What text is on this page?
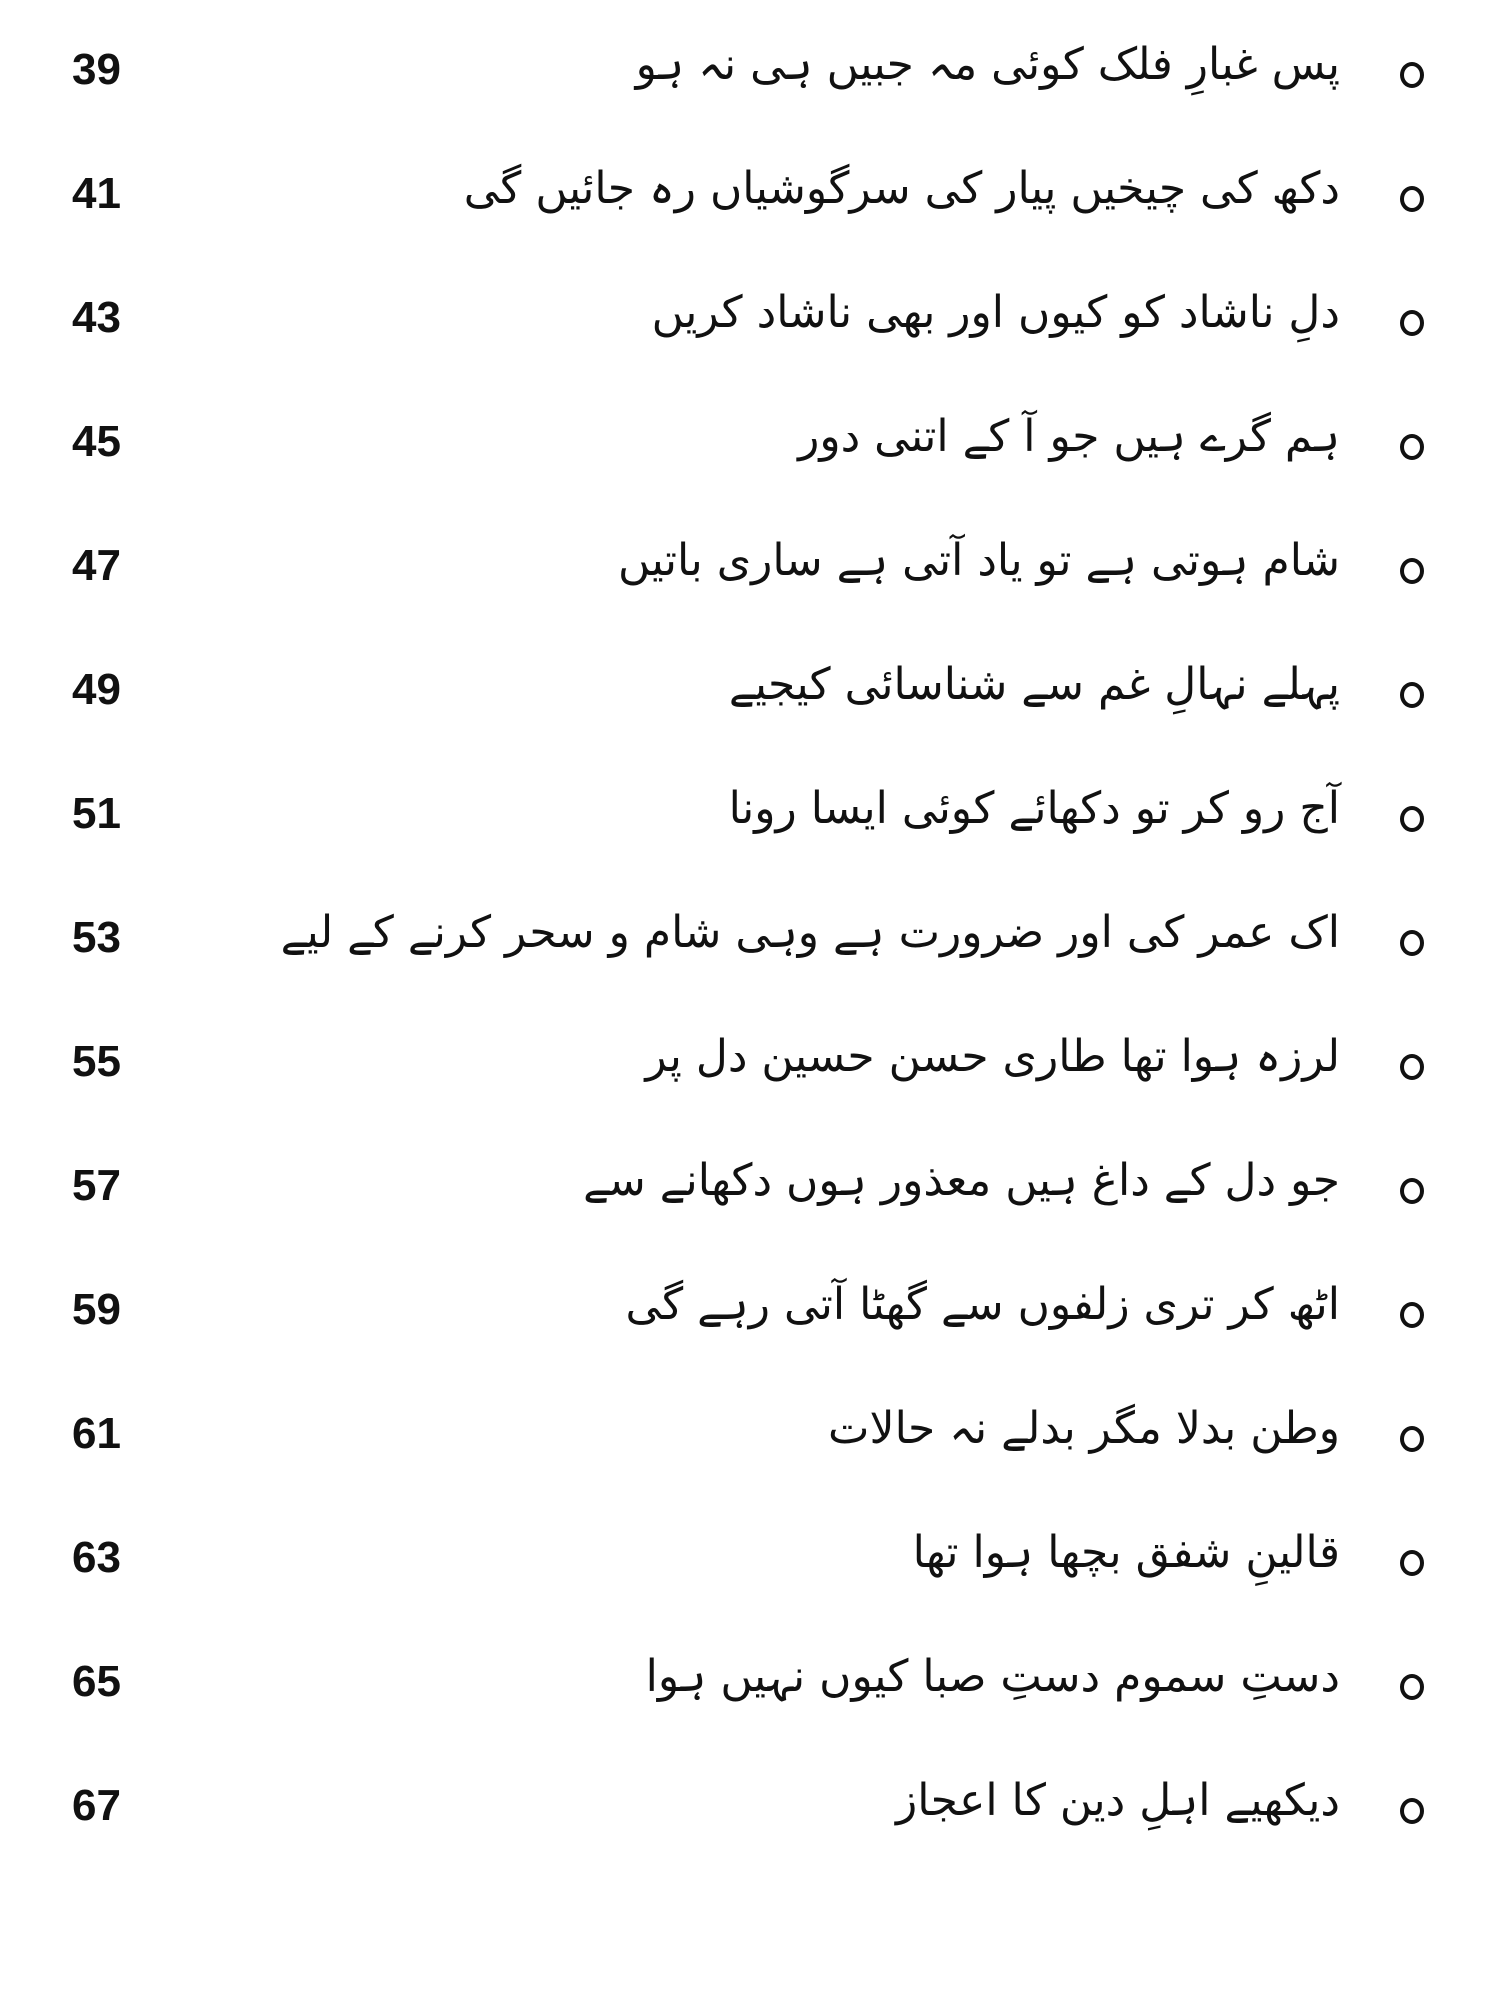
39	پس غبارِ فلک کوئی مہ جبیں ہی نہ ہو
41	دکھ کی چیخیں پیار کی سرگوشیاں رہ جائیں گی
43	دلِ ناشاد کو کیوں اور بھی ناشاد کریں
45	ہم گرے ہیں جو آ کے اتنی دور
47	شام ہوتی ہے تو یاد آتی ہے ساری باتیں
49	پہلے نہالِ غم سے شناسائی کیجیے
51	آج رو کر تو دکھائے کوئی ایسا رونا
53	اک عمر کی اور ضرورت ہے وہی شام و سحر کرنے کے لیے
55	لرزہ ہوا تھا طاری حسن حسین دل پر
57	جو دل کے داغ ہیں معذور ہوں دکھانے سے
59	اٹھ کر تری زلفوں سے گھٹا آتی رہے گی
61	وطن بدلا مگر بدلے نہ حالات
63	قالینِ شفق بچھا ہوا تھا
65	دستِ سموم دستِ صبا کیوں نہیں ہوا
67	دیکھیے اہلِ دین کا اعجاز
